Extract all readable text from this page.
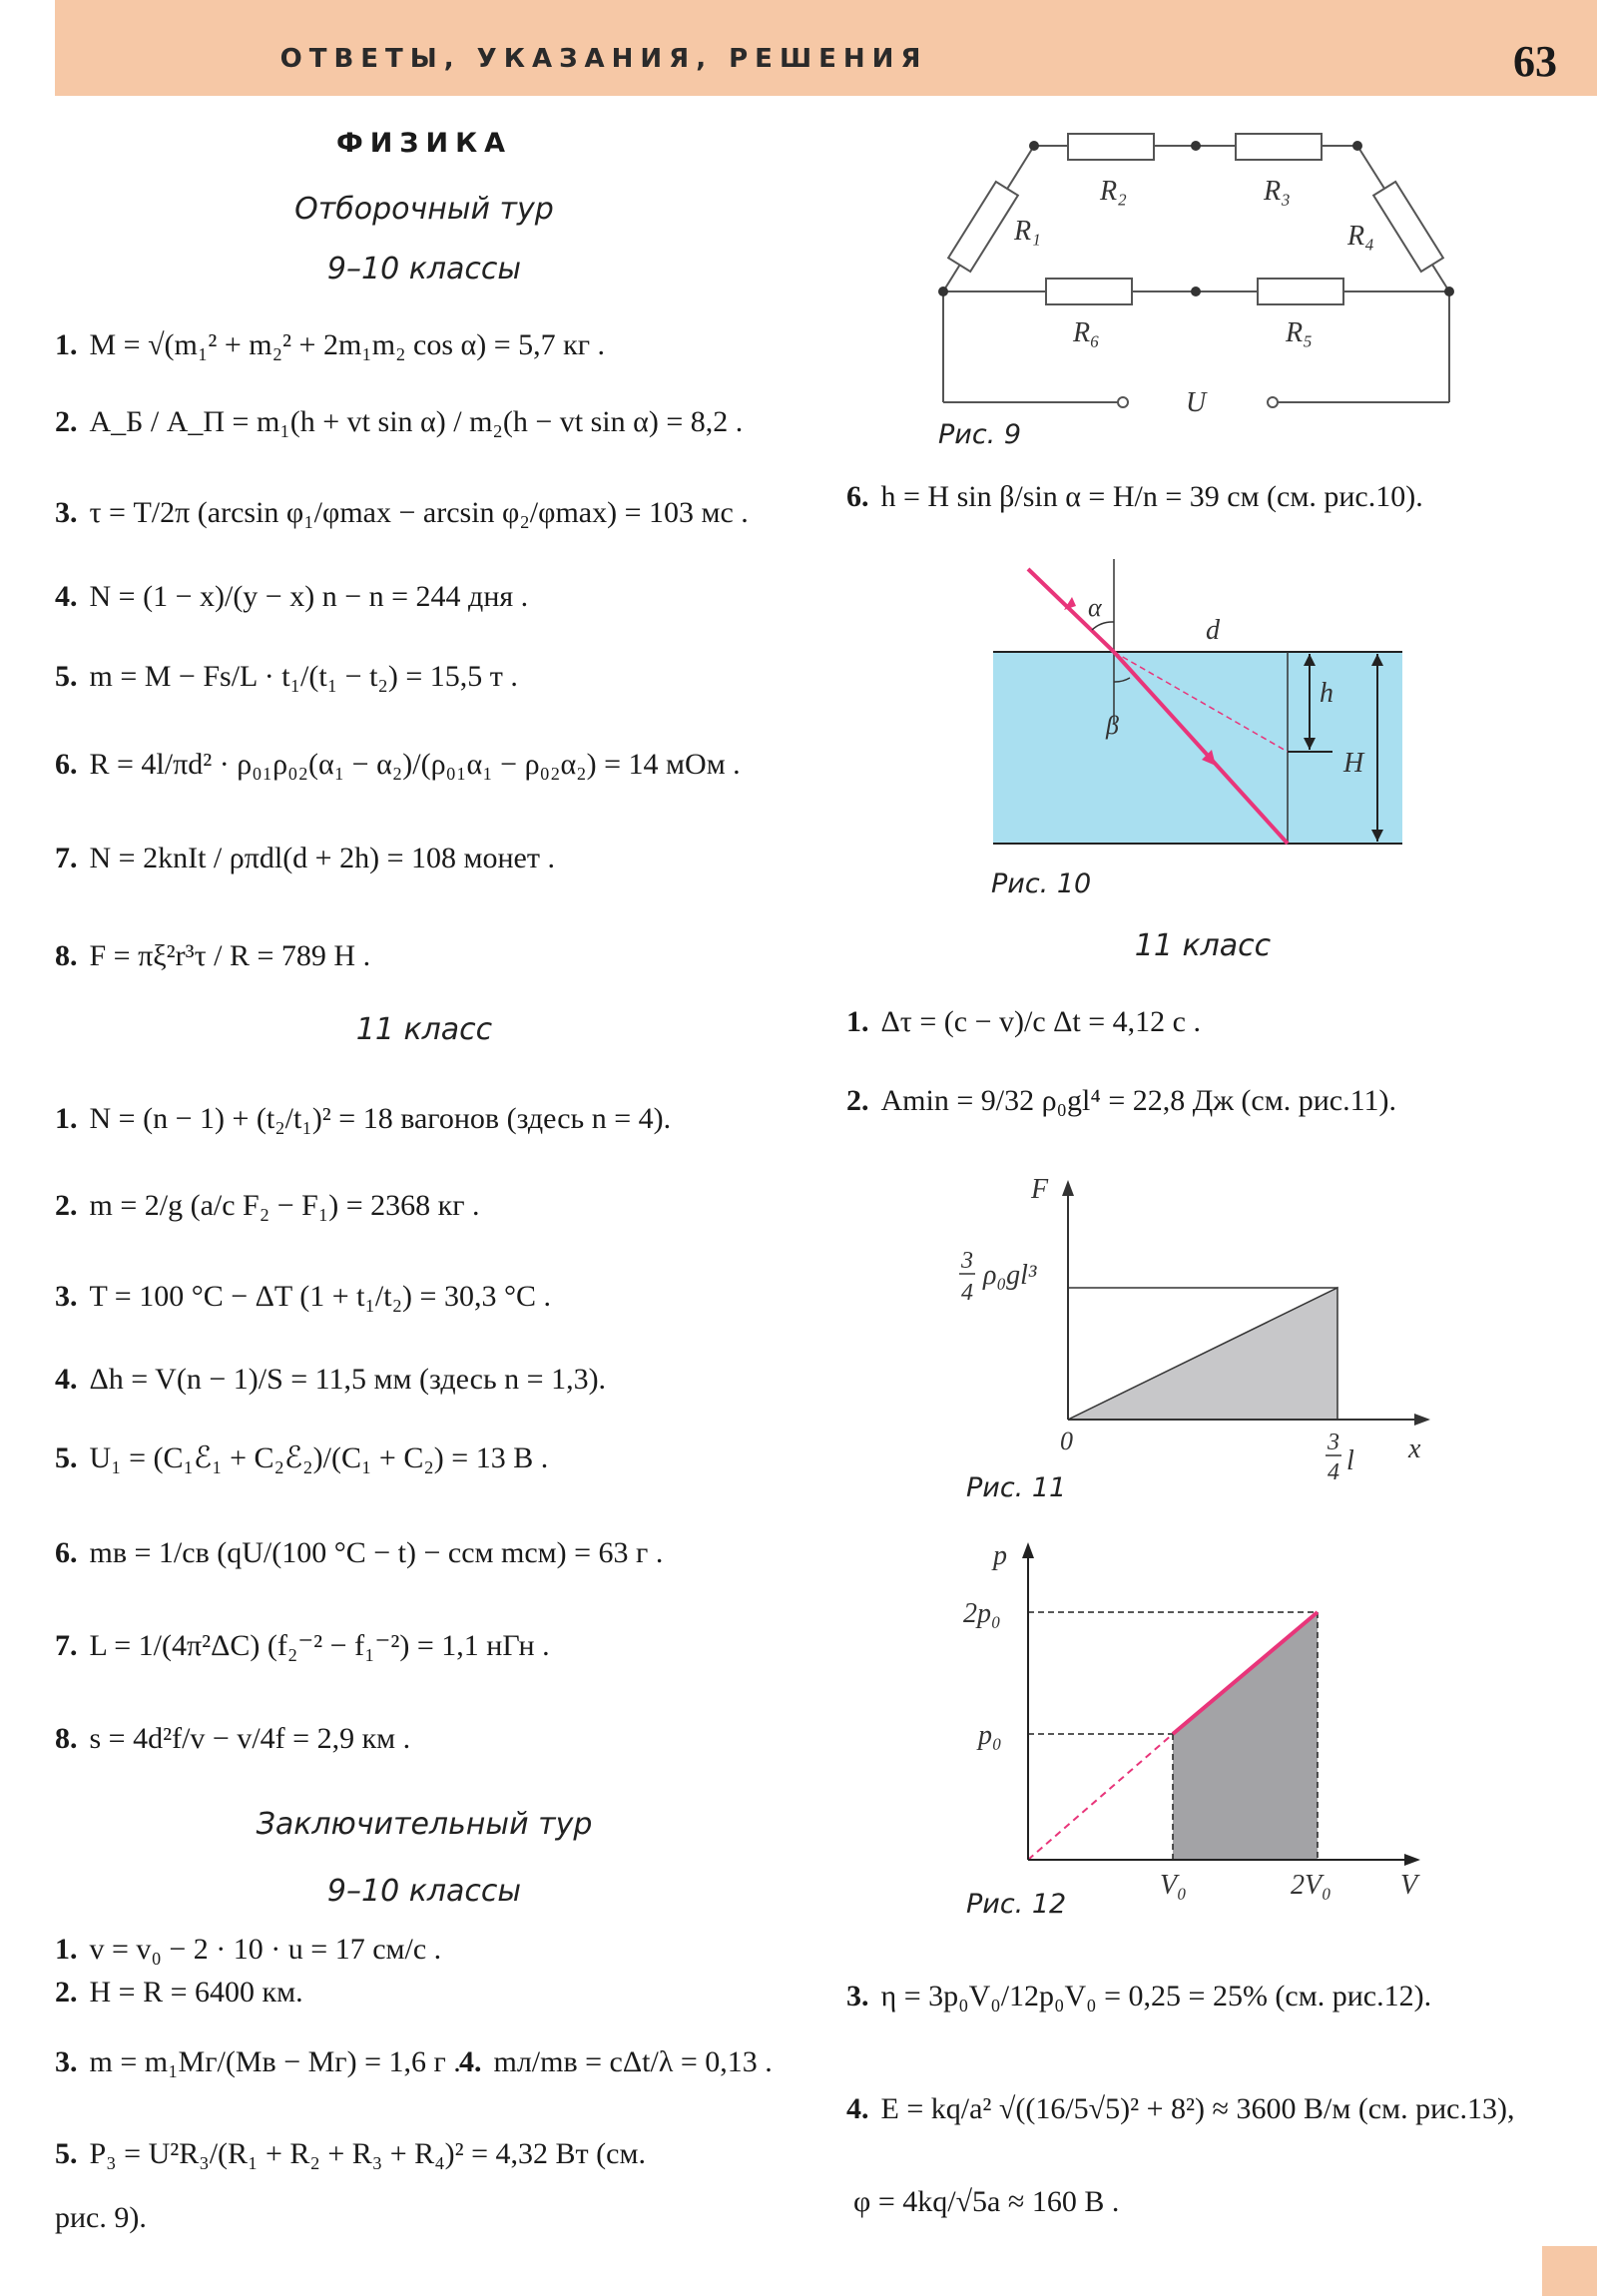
ОТВЕТЫ, УКАЗАНИЯ, РЕШЕНИЯ	63
ФИЗИКА
Отборочный тур
9–10 классы
1. M = √(m₁² + m₂² + 2m₁m₂ cos α) = 5,7 кг .
2. A_Б / A_П = m₁(h + vt sin α) / m₂(h − vt sin α) = 8,2 .
3. τ = T/2π (arcsin φ₁/φmax − arcsin φ₂/φmax) = 103 мс .
4. N = (1 − x)/(y − x) n − n = 244 дня .
5. m = M − Fs/L · t₁/(t₁ − t₂) = 15,5 т .
6. R = 4l/πd² · ρ₀₁ρ₀₂(α₁ − α₂)/(ρ₀₁α₁ − ρ₀₂α₂) = 14 мОм .
7. N = 2knIt / ρπdl(d + 2h) = 108 монет .
8. F = πξ²r³τ / R = 789 Н .
11 класс
1. N = (n − 1) + (t₂/t₁)² = 18 вагонов (здесь n = 4).
2. m = 2/g (a/c F₂ − F₁) = 2368 кг .
3. T = 100 °C − ΔT (1 + t₁/t₂) = 30,3 °C .
4. Δh = V(n − 1)/S = 11,5 мм (здесь n = 1,3).
5. U₁ = (C₁ℰ₁ + C₂ℰ₂)/(C₁ + C₂) = 13 В .
6. mв = 1/cв (qU/(100 °C − t) − cсм mсм) = 63 г .
7. L = 1/(4π²ΔC) (f₂⁻² − f₁⁻²) = 1,1 нГн .
8. s = 4d²f/v − v/4f = 2,9 км .
Заключительный тур
9–10 классы
1. v = v₀ − 2 · 10 · u = 17 см/с .
2. H = R = 6400 км.
3. m = m₁Mг/(Mв − Mг) = 1,6 г .
4. mл/mв = cΔt/λ = 0,13 .
5. P₃ = U²R₃/(R₁ + R₂ + R₃ + R₄)² = 4,32 Вт (см.
рис. 9).
R₂	R₃
R₁	R₄
R₆	R₅
U
Рис. 9
6. h = H sin β/sin α = H/n = 39 см (см. рис.10).
α
β
d
h
H
Рис. 10
11 класс
1. Δτ = (c − v)/c Δt = 4,12 с .
2. Amin = 9/32 ρ₀gl⁴ = 22,8 Дж (см. рис.11).
F
x
0
3
4
ρ₀gl³
3
4 l
Рис. 11
p
V
2p₀
p₀
V₀	2V₀
Рис. 12
3. η = 3p₀V₀/12p₀V₀ = 0,25 = 25% (см. рис.12).
4. E = kq/a² √((16/5√5)² + 8²) ≈ 3600 В/м (см. рис.13),
φ = 4kq/√5a ≈ 160 В .
